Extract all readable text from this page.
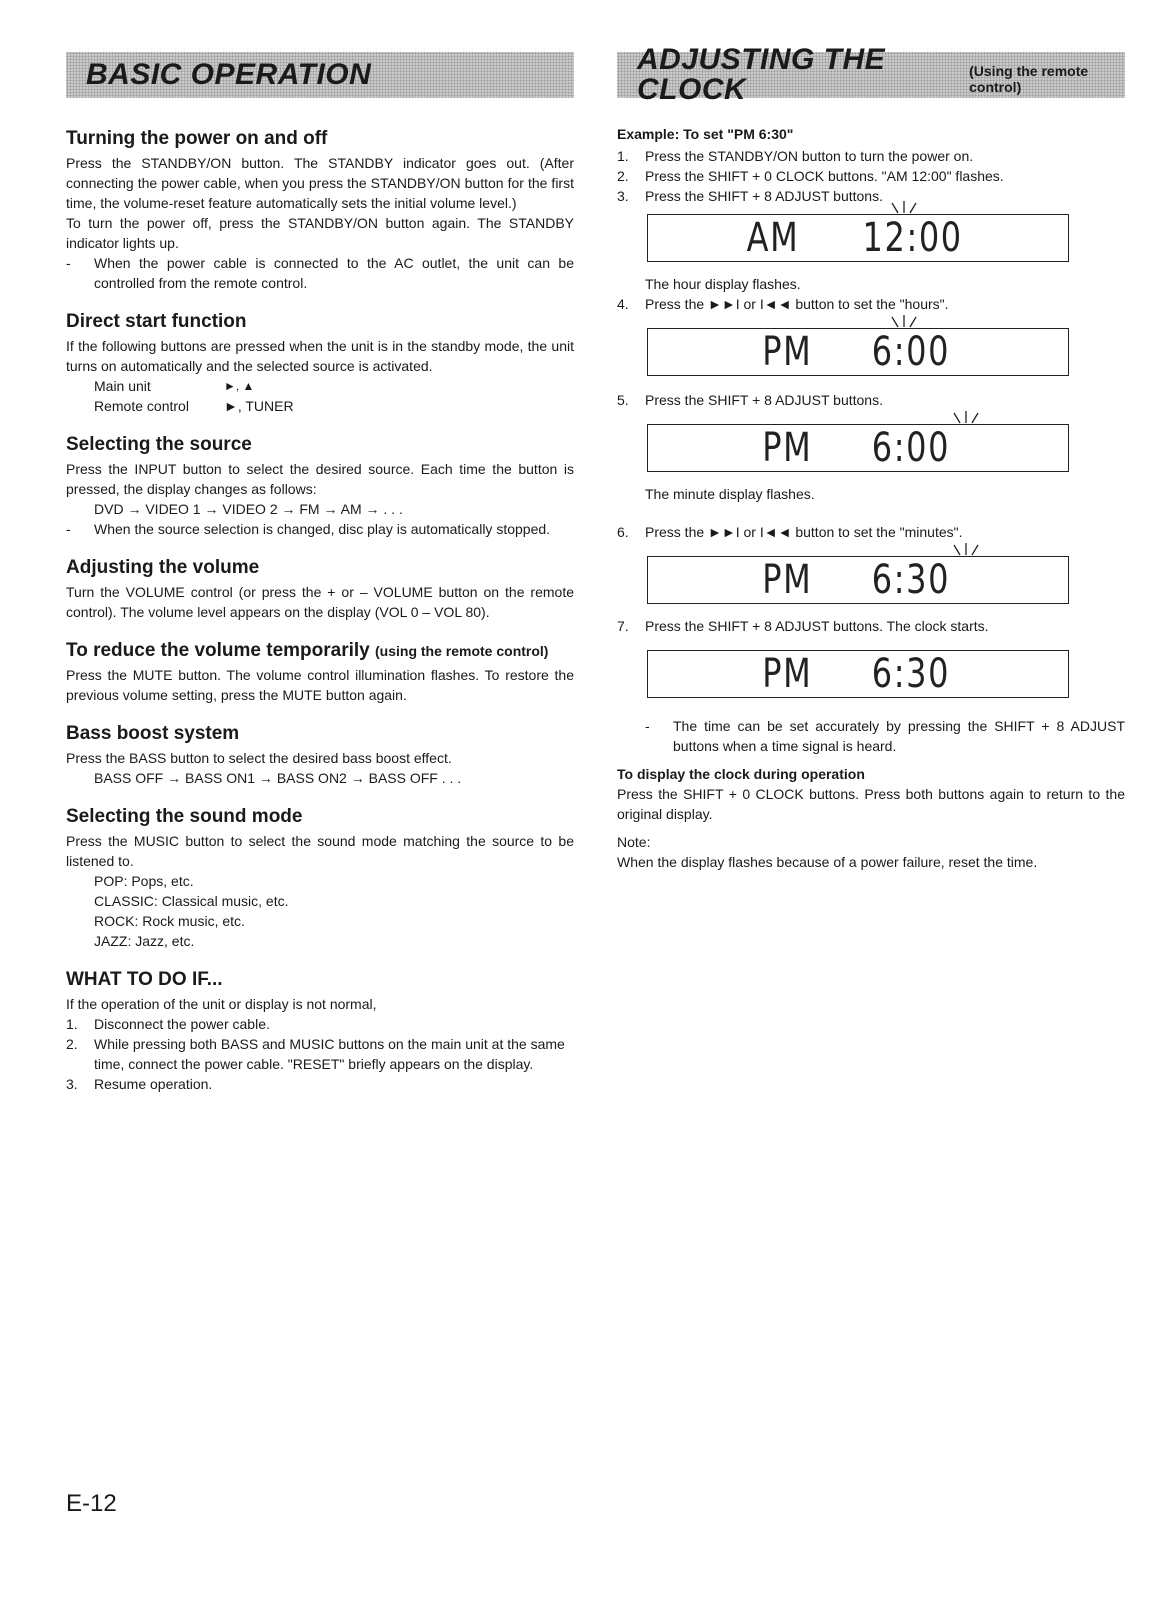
BASIC OPERATION	ADJUSTING THE CLOCK
(Using the remote control)
Turning the power on and off

Press the STANDBY/ON button. The STANDBY indicator goes out. (After connecting the power cable, when you press the STANDBY/ON button for the first time, the volume-reset feature automatically sets the initial volume level.)

To turn the power off, press the STANDBY/ON button again. The STANDBY indicator lights up.

-	When the power cable is connected to the AC outlet, the unit can be controlled from the remote control.
Direct start function

If the following buttons are pressed when the unit is in the standby mode, the unit turns on automatically and the selected source is activated.

Main unit	►, ▲
Remote control	►, TUNER
Selecting the source

Press the INPUT button to select the desired source. Each time the button is pressed, the display changes as follows:

DVD → VIDEO 1 → VIDEO 2 → FM → AM → . . .

-	When the source selection is changed, disc play is automatically stopped.
Adjusting the volume

Turn the VOLUME control (or press the + or – VOLUME button on the remote control). The volume level appears on the display (VOL 0 – VOL 80).

To reduce the volume temporarily (using the remote control)

Press the MUTE button. The volume control illumination flashes. To restore the previous volume setting, press the MUTE button again.

Bass boost system

Press the BASS button to select the desired bass boost effect.

BASS OFF → BASS ON1 → BASS ON2 → BASS OFF . . .

Selecting the sound mode

Press the MUSIC button to select the sound mode matching the source to be listened to.

POP: Pops, etc.

CLASSIC: Classical music, etc.

ROCK: Rock music, etc.

JAZZ: Jazz, etc.

WHAT TO DO IF...

If the operation of the unit or display is not normal,

1.	Disconnect the power cable.
2.	While pressing both BASS and MUSIC buttons on the main unit at the same time, connect the power cable. "RESET" briefly appears on the display.
3.	Resume operation.
Example: To set "PM 6:30"
1.	Press the STANDBY/ON button to turn the power on.
2.	Press the SHIFT + 0 CLOCK buttons. "AM 12:00" flashes.
3.	Press the SHIFT + 8 ADJUST buttons.
AM 12:00

The hour display flashes.

4.	Press the ►►I or I◄◄ button to set the "hours".
PM 6:00
5.	Press the SHIFT + 8 ADJUST buttons.
PM 6:00

The minute display flashes.

6.	Press the ►►I or I◄◄ button to set the "minutes".
PM 6:30
7.	Press the SHIFT + 8 ADJUST buttons. The clock starts.
PM 6:30
-	The time can be set accurately by pressing the SHIFT + 8 ADJUST buttons when a time signal is heard.
To display the clock during operation

Press the SHIFT + 0 CLOCK buttons. Press both buttons again to return to the original display.

Note:

When the display flashes because of a power failure, reset the time.

E-12
